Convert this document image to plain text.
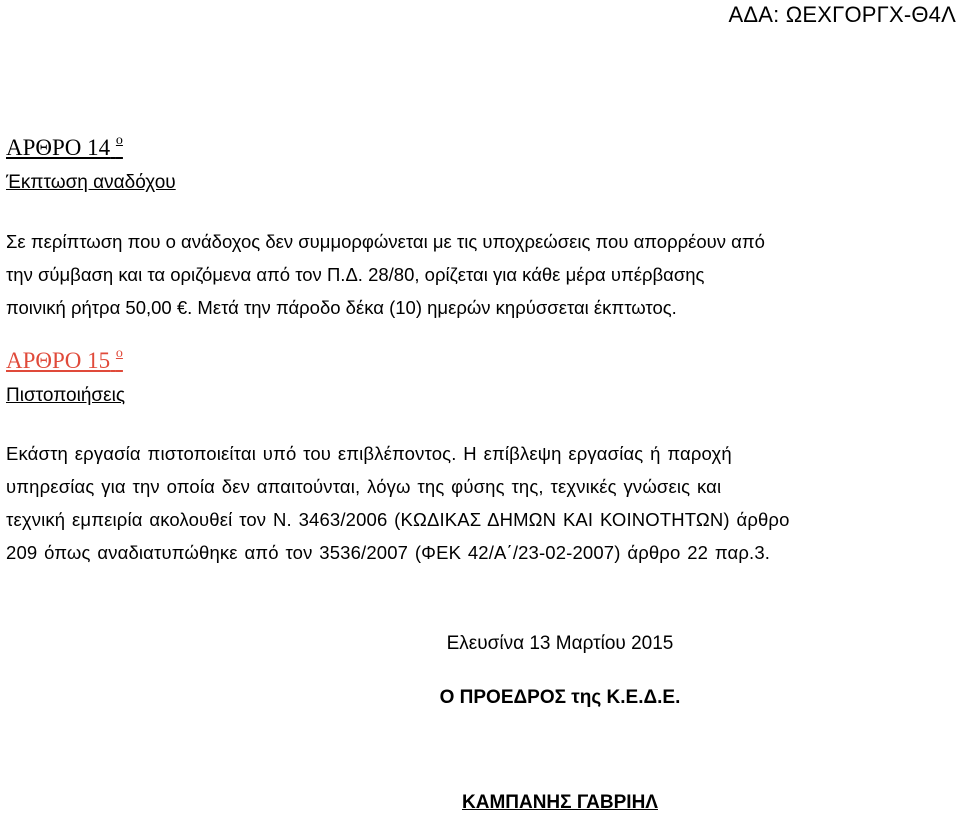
ΑΔΑ: ΩΕΧΓΟΡΓΧ-Θ4Λ
ΑΡΘΡΟ 14 $^o$
Έκπτωση αναδόχου
Σε περίπτωση που ο ανάδοχος δεν συμμορφώνεται με τις υποχρεώσεις που απορρέουν από
την σύμβαση και τα οριζόμενα από τον Π.Δ. 28/80, ορίζεται για κάθε μέρα υπέρβασης
ποινική ρήτρα 50,00 €. Μετά την πάροδο δέκα (10) ημερών κηρύσσεται έκπτωτος.
ΑΡΘΡΟ 15 $^o$
Πιστοποιήσεις
Εκάστη εργασία πιστοποιείται υπό του επιβλέποντος. Η επίβλεψη εργασίας ή παροχή
υπηρεσίας για την οποία δεν απαιτούνται, λόγω της φύσης της, τεχνικές γνώσεις και
τεχνική εμπειρία ακολουθεί τον Ν. 3463/2006 (ΚΩΔΙΚΑΣ ΔΗΜΩΝ ΚΑΙ ΚΟΙΝΟΤΗΤΩΝ) άρθρο
209 όπως αναδιατυπώθηκε από τον 3536/2007 (ΦΕΚ 42/Α΄/23-02-2007) άρθρο 22 παρ.3.
Ελευσίνα 13 Μαρτίου 2015
Ο ΠΡΟΕΔΡΟΣ της Κ.Ε.Δ.Ε.
ΚΑΜΠΑΝΗΣ ΓΑΒΡΙΗΛ
